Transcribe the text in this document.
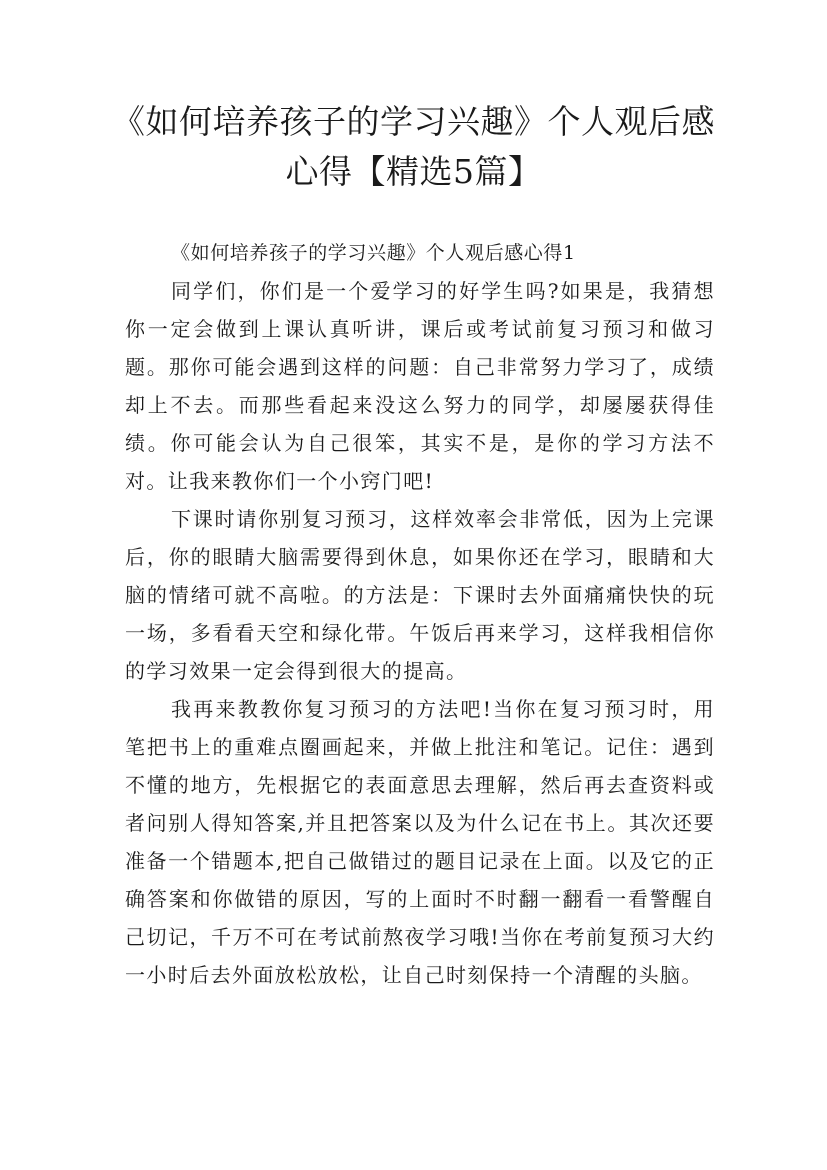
《如何培养孩子的学习兴趣》个人观后感心得【精选5篇】

《如何培养孩子的学习兴趣》个人观后感心得1

同学们，你们是一个爱学习的好学生吗?如果是，我猜想你一定会做到上课认真听讲，课后或考试前复习预习和做习题。那你可能会遇到这样的问题：自己非常努力学习了，成绩却上不去。而那些看起来没这么努力的同学，却屡屡获得佳绩。你可能会认为自己很笨，其实不是，是你的学习方法不对。让我来教你们一个小窍门吧!

下课时请你别复习预习，这样效率会非常低，因为上完课后，你的眼睛大脑需要得到休息，如果你还在学习，眼睛和大脑的情绪可就不高啦。的方法是：下课时去外面痛痛快快的玩一场，多看看天空和绿化带。午饭后再来学习，这样我相信你的学习效果一定会得到很大的提高。

我再来教教你复习预习的方法吧!当你在复习预习时，用笔把书上的重难点圈画起来，并做上批注和笔记。记住：遇到不懂的地方，先根据它的表面意思去理解，然后再去查资料或者问别人得知答案,并且把答案以及为什么记在书上。其次还要准备一个错题本,把自己做错过的题目记录在上面。以及它的正确答案和你做错的原因，写的上面时不时翻一翻看一看警醒自己切记，千万不可在考试前熬夜学习哦!当你在考前复预习大约一小时后去外面放松放松，让自己时刻保持一个清醒的头脑。
